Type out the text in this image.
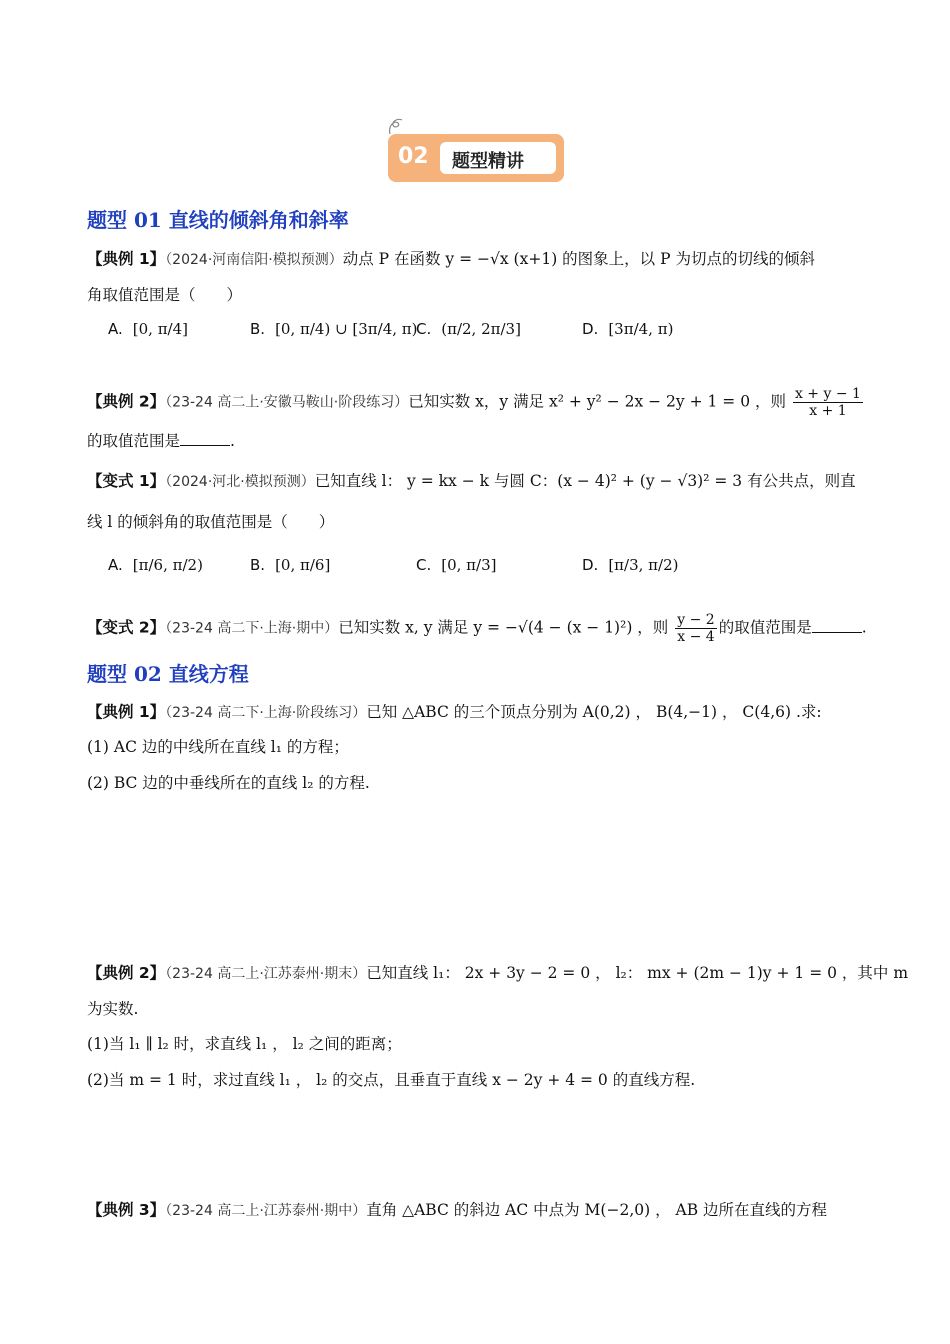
02 题型精讲
题型 01 直线的倾斜角和斜率
【典例 1】（2024·河南信阳·模拟预测）动点 P 在函数 y = −√x (x+1) 的图象上，以 P 为切点的切线的倾斜
角取值范围是（　　）
A. [0, π/4]	B. [0, π/4) ∪ [3π/4, π)
C. (π/2, 2π/3]	D. [3π/4, π)
【典例 2】（23-24 高二上·安徽马鞍山·阶段练习）已知实数 x，y 满足 x² + y² − 2x − 2y + 1 = 0 ，则 $\frac{x + y - 1}{x + 1}$
的取值范围是	.
【变式 1】（2024·河北·模拟预测）已知直线 l： y = kx − k 与圆 C：(x − 4)² + (y − √3)² = 3 有公共点，则直
线 l 的倾斜角的取值范围是（　　）
A. [π/6, π/2)	B. [0, π/6]	C. [0, π/3]	D. [π/3, π/2)
【变式 2】（23-24 高二下·上海·期中）已知实数 x, y 满足 y = −√(4 − (x − 1)²) ，则 $\frac{y - 2}{x - 4}$ 的取值范围是	.
题型 02 直线方程
【典例 1】（23-24 高二下·上海·阶段练习）已知 △ABC 的三个顶点分别为 A(0,2) ， B(4,−1) ， C(4,6) .求:
(1) AC 边的中线所在直线 l₁ 的方程；
(2) BC 边的中垂线所在的直线 l₂ 的方程.
【典例 2】（23-24 高二上·江苏泰州·期末）已知直线 l₁： 2x + 3y − 2 = 0 ， l₂： mx + (2m − 1)y + 1 = 0 ，其中 m
为实数.
(1)当 l₁ ∥ l₂ 时，求直线 l₁ ， l₂ 之间的距离；
(2)当 m = 1 时，求过直线 l₁ ， l₂ 的交点，且垂直于直线 x − 2y + 4 = 0 的直线方程.
【典例 3】（23-24 高二上·江苏泰州·期中）直角 △ABC 的斜边 AC 中点为 M(−2,0) ， AB 边所在直线的方程
